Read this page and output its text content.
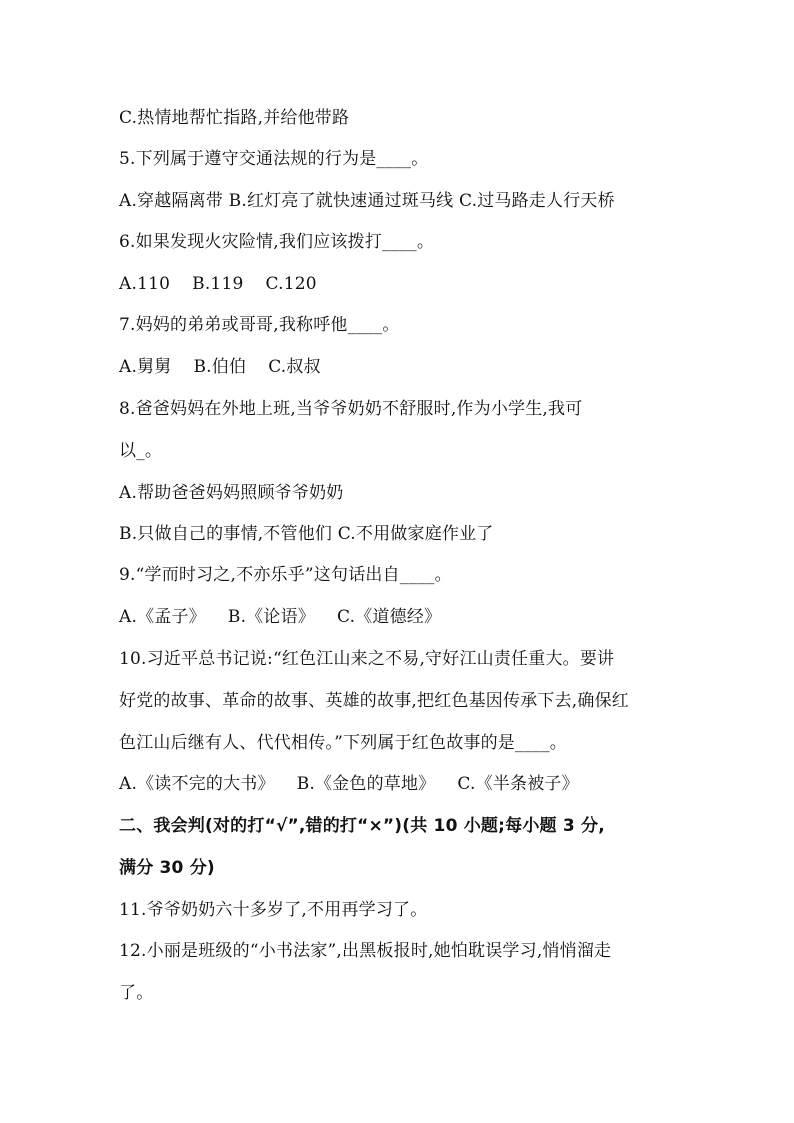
C.热情地帮忙指路,并给他带路
5.下列属于遵守交通法规的行为是____。
A.穿越隔离带 B.红灯亮了就快速通过斑马线 C.过马路走人行天桥
6.如果发现火灾险情,我们应该拨打____。
A.110 B.119 C.120
7.妈妈的弟弟或哥哥,我称呼他____。
A.舅舅 B.伯伯 C.叔叔
8.爸爸妈妈在外地上班,当爷爷奶奶不舒服时,作为小学生,我可
以_。
A.帮助爸爸妈妈照顾爷爷奶奶
B.只做自己的事情,不管他们 C.不用做家庭作业了
9.“学而时习之,不亦乐乎”这句话出自____。
A.《孟子》 B.《论语》 C.《道德经》
10.习近平总书记说:“红色江山来之不易,守好江山责任重大。要讲
好党的故事、革命的故事、英雄的故事,把红色基因传承下去,确保红
色江山后继有人、代代相传。”下列属于红色故事的是____。
A.《读不完的大书》 B.《金色的草地》 C.《半条被子》
二、我会判(对的打“√”,错的打“×”)(共 10 小题;每小题 3 分,
满分 30 分)
11.爷爷奶奶六十多岁了,不用再学习了。
12.小丽是班级的“小书法家”,出黑板报时,她怕耽误学习,悄悄溜走
了。
